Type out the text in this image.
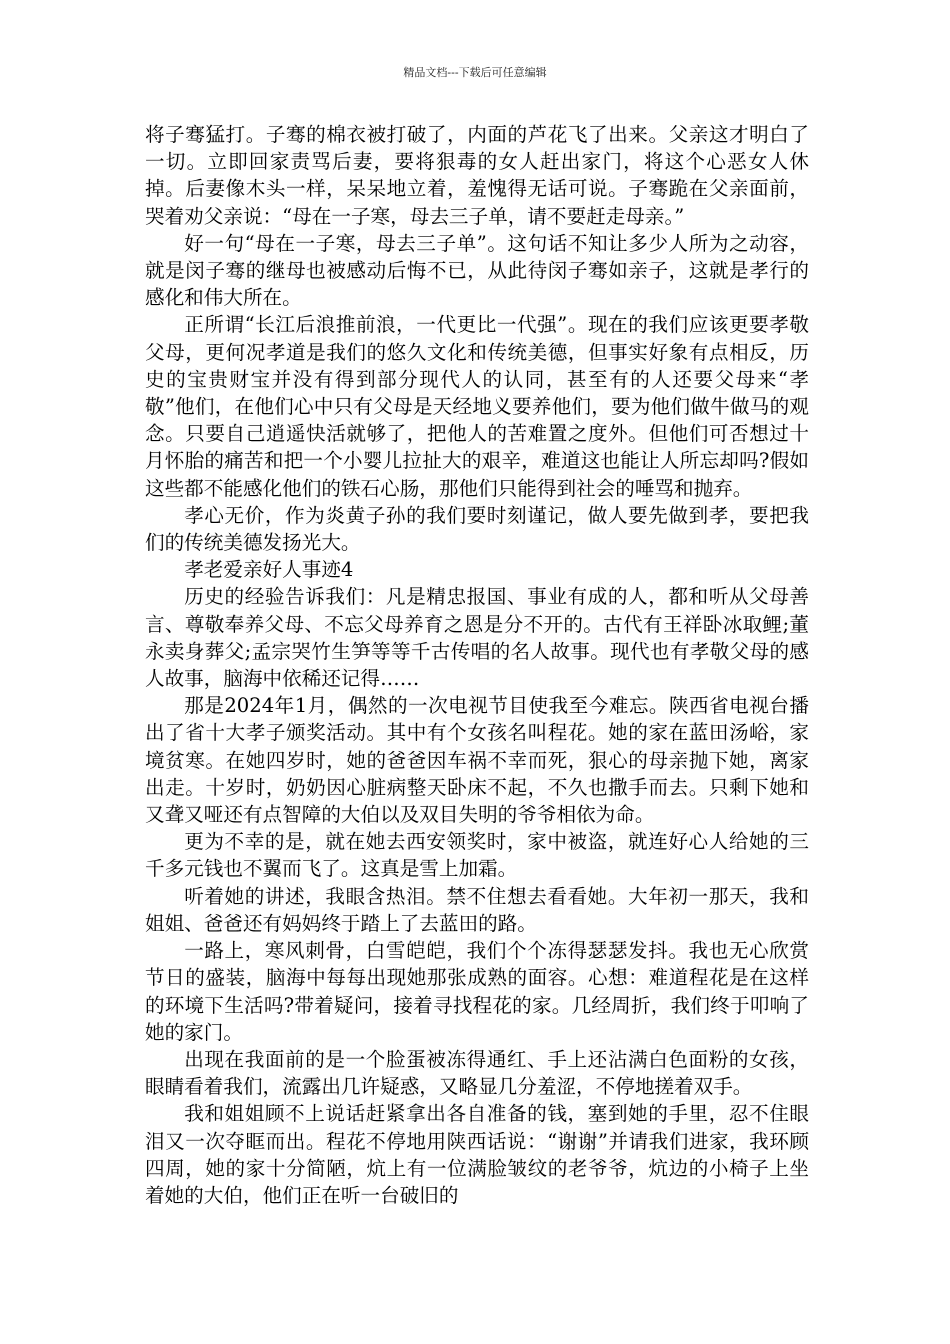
精品文档---下载后可任意编辑

将子骞猛打。子骞的棉衣被打破了，内面的芦花飞了出来。父亲这才明白了一切。立即回家责骂后妻，要将狠毒的女人赶出家门，将这个心恶女人休掉。后妻像木头一样，呆呆地立着，羞愧得无话可说。子骞跪在父亲面前，哭着劝父亲说：“母在一子寒，母去三子单，请不要赶走母亲。”

好一句“母在一子寒，母去三子单”。这句话不知让多少人所为之动容，就是闵子骞的继母也被感动后悔不已，从此待闵子骞如亲子，这就是孝行的感化和伟大所在。

正所谓“长江后浪推前浪，一代更比一代强”。现在的我们应该更要孝敬父母，更何况孝道是我们的悠久文化和传统美德，但事实好象有点相反，历史的宝贵财宝并没有得到部分现代人的认同，甚至有的人还要父母来“孝敬”他们，在他们心中只有父母是天经地义要养他们，要为他们做牛做马的观念。只要自己逍遥快活就够了，把他人的苦难置之度外。但他们可否想过十月怀胎的痛苦和把一个小婴儿拉扯大的艰辛，难道这也能让人所忘却吗?假如这些都不能感化他们的铁石心肠，那他们只能得到社会的唾骂和抛弃。

孝心无价，作为炎黄子孙的我们要时刻谨记，做人要先做到孝，要把我们的传统美德发扬光大。

孝老爱亲好人事迹4

历史的经验告诉我们：凡是精忠报国、事业有成的人，都和听从父母善言、尊敬奉养父母、不忘父母养育之恩是分不开的。古代有王祥卧冰取鲤;董永卖身葬父;孟宗哭竹生笋等等千古传唱的名人故事。现代也有孝敬父母的感人故事，脑海中依稀还记得……

那是2024年1月，偶然的一次电视节目使我至今难忘。陕西省电视台播出了省十大孝子颁奖活动。其中有个女孩名叫程花。她的家在蓝田汤峪，家境贫寒。在她四岁时，她的爸爸因车祸不幸而死，狠心的母亲抛下她，离家出走。十岁时，奶奶因心脏病整天卧床不起，不久也撒手而去。只剩下她和又聋又哑还有点智障的大伯以及双目失明的爷爷相依为命。

更为不幸的是，就在她去西安领奖时，家中被盗，就连好心人给她的三千多元钱也不翼而飞了。这真是雪上加霜。

听着她的讲述，我眼含热泪。禁不住想去看看她。大年初一那天，我和姐姐、爸爸还有妈妈终于踏上了去蓝田的路。

一路上，寒风刺骨，白雪皑皑，我们个个冻得瑟瑟发抖。我也无心欣赏节日的盛装，脑海中每每出现她那张成熟的面容。心想：难道程花是在这样的环境下生活吗?带着疑问，接着寻找程花的家。几经周折，我们终于叩响了她的家门。

出现在我面前的是一个脸蛋被冻得通红、手上还沾满白色面粉的女孩，眼睛看着我们，流露出几许疑惑，又略显几分羞涩，不停地搓着双手。

我和姐姐顾不上说话赶紧拿出各自准备的钱，塞到她的手里，忍不住眼泪又一次夺眶而出。程花不停地用陕西话说：“谢谢”并请我们进家，我环顾四周，她的家十分简陋，炕上有一位满脸皱纹的老爷爷，炕边的小椅子上坐着她的大伯，他们正在听一台破旧的
